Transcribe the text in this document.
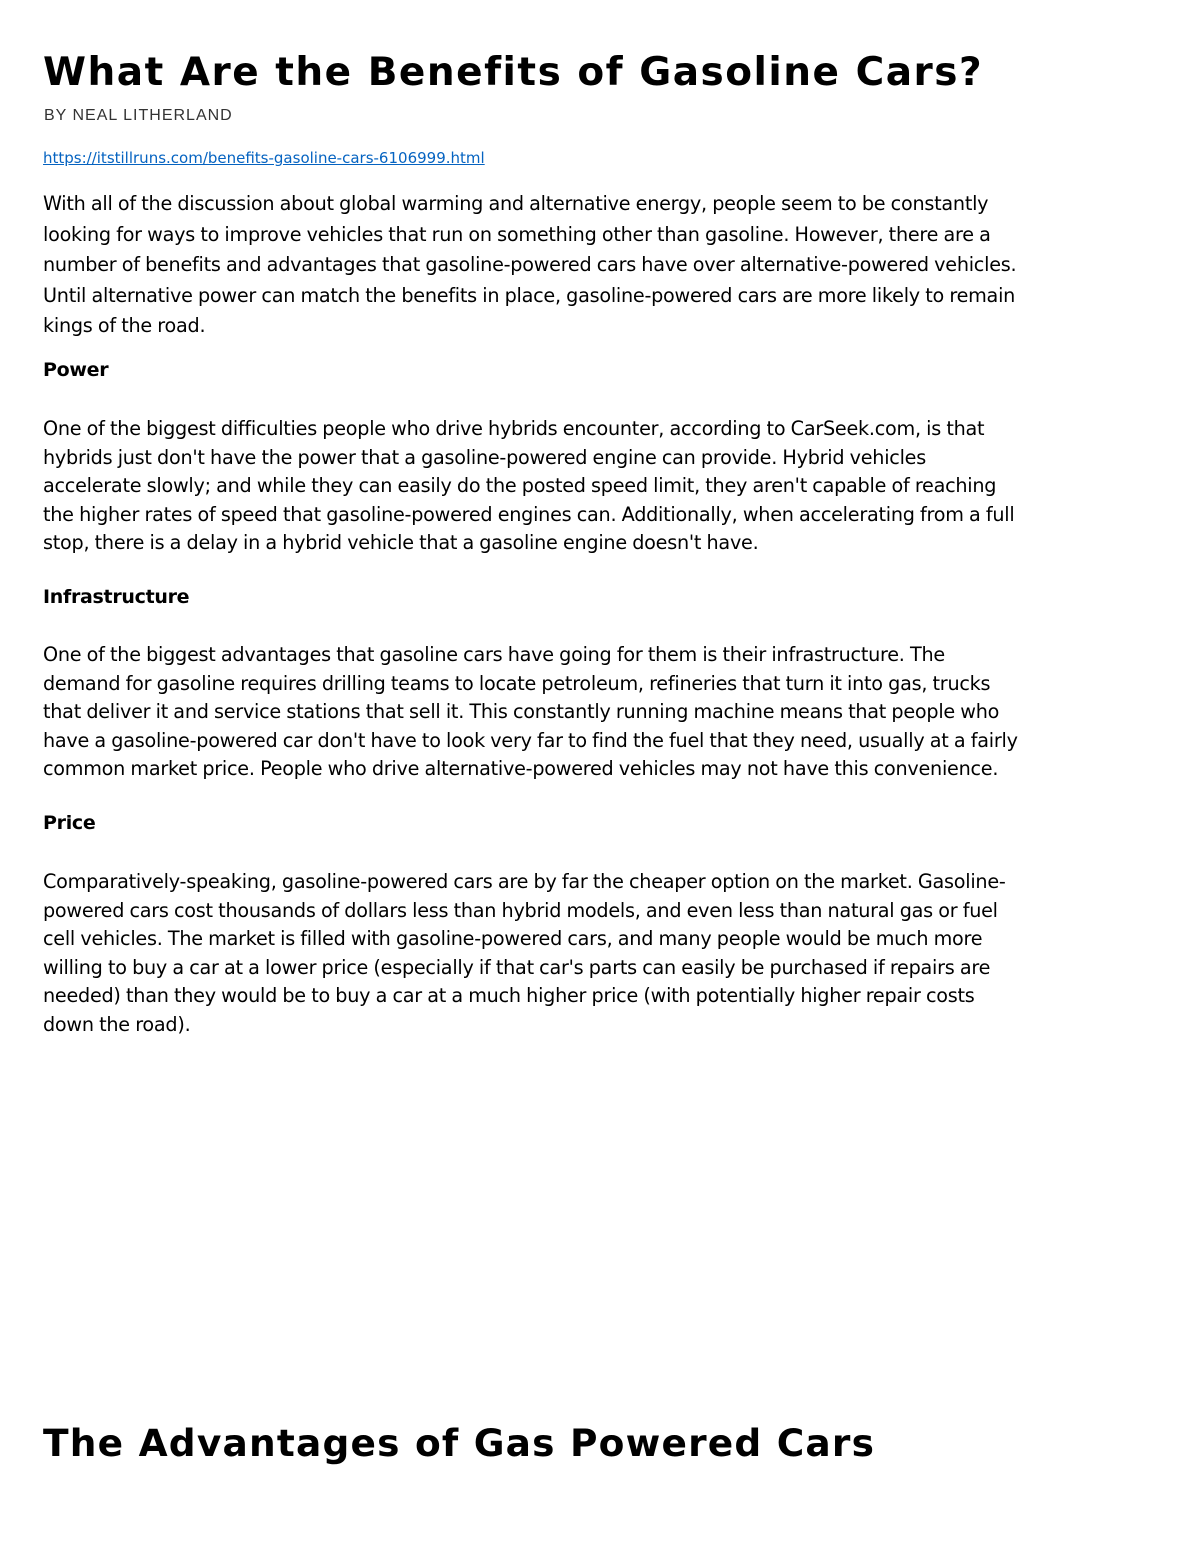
What Are the Benefits of Gasoline Cars?
BY NEAL LITHERLAND
https://itstillruns.com/benefits-gasoline-cars-6106999.html

With all of the discussion about global warming and alternative energy, people seem to be constantly
looking for ways to improve vehicles that run on something other than gasoline. However, there are a
number of benefits and advantages that gasoline-powered cars have over alternative-powered vehicles.
Until alternative power can match the benefits in place, gasoline-powered cars are more likely to remain
kings of the road.

Power

One of the biggest difficulties people who drive hybrids encounter, according to CarSeek.com, is that
hybrids just don't have the power that a gasoline-powered engine can provide. Hybrid vehicles
accelerate slowly; and while they can easily do the posted speed limit, they aren't capable of reaching
the higher rates of speed that gasoline-powered engines can. Additionally, when accelerating from a full
stop, there is a delay in a hybrid vehicle that a gasoline engine doesn't have.

Infrastructure

One of the biggest advantages that gasoline cars have going for them is their infrastructure. The
demand for gasoline requires drilling teams to locate petroleum, refineries that turn it into gas, trucks
that deliver it and service stations that sell it. This constantly running machine means that people who
have a gasoline-powered car don't have to look very far to find the fuel that they need, usually at a fairly
common market price. People who drive alternative-powered vehicles may not have this convenience.

Price

Comparatively-speaking, gasoline-powered cars are by far the cheaper option on the market. Gasoline-
powered cars cost thousands of dollars less than hybrid models, and even less than natural gas or fuel
cell vehicles. The market is filled with gasoline-powered cars, and many people would be much more
willing to buy a car at a lower price (especially if that car's parts can easily be purchased if repairs are
needed) than they would be to buy a car at a much higher price (with potentially higher repair costs
down the road).

The Advantages of Gas Powered Cars
